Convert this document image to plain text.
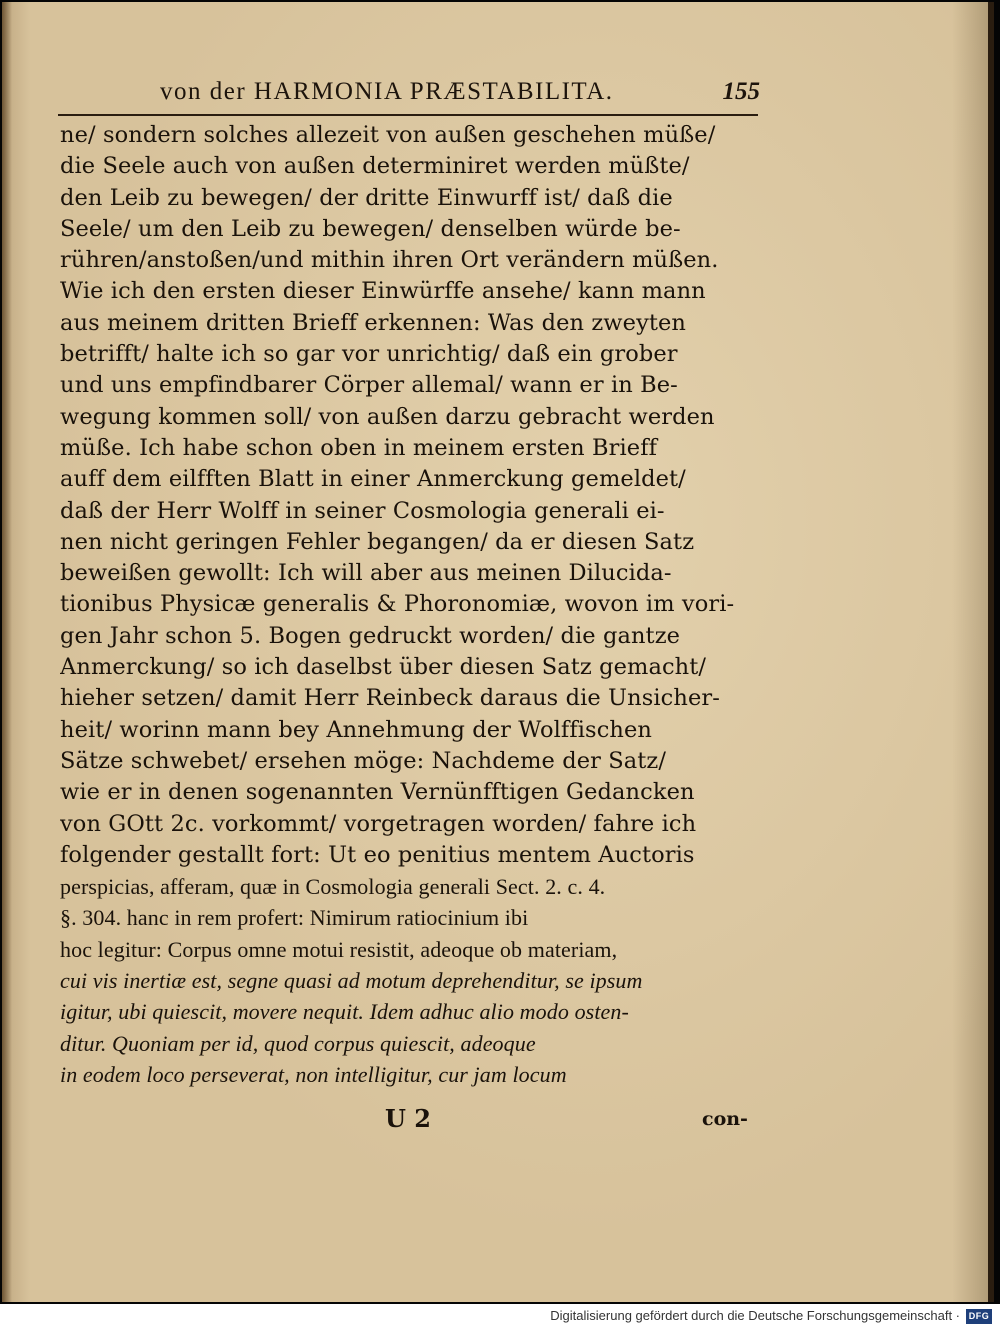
von der HARMONIA PRÆSTABILITA.	155
ne/ sondern solches allezeit von außen geschehen müße/
die Seele auch von außen determiniret werden müßte/
den Leib zu bewegen/ der dritte Einwurff ist/ daß die
Seele/ um den Leib zu bewegen/ denselben würde be-
rühren/anstoßen/und mithin ihren Ort verändern müßen.
Wie ich den ersten dieser Einwürffe ansehe/ kann mann
aus meinem dritten Brieff erkennen: Was den zweyten
betrifft/ halte ich so gar vor unrichtig/ daß ein grober
und uns empfindbarer Cörper allemal/ wann er in Be-
wegung kommen soll/ von außen darzu gebracht werden
müße. Ich habe schon oben in meinem ersten Brieff
auff dem eilfften Blatt in einer Anmerckung gemeldet/
daß der Herr Wolff in seiner Cosmologia generali ei-
nen nicht geringen Fehler begangen/ da er diesen Satz
beweißen gewollt: Ich will aber aus meinen Dilucida-
tionibus Physicæ generalis & Phoronomiæ, wovon im vori-
gen Jahr schon 5. Bogen gedruckt worden/ die gantze
Anmerckung/ so ich daselbst über diesen Satz gemacht/
hieher setzen/ damit Herr Reinbeck daraus die Unsicher-
heit/ worinn mann bey Annehmung der Wolffischen
Sätze schwebet/ ersehen möge: Nachdeme der Satz/
wie er in denen sogenannten Vernünfftigen Gedancken
von GOtt 2c. vorkommt/ vorgetragen worden/ fahre ich
folgender gestallt fort: Ut eo penitius mentem Auctoris
perspicias, afferam, quæ in Cosmologia generali Sect. 2. c. 4.
§. 304. hanc in rem profert: Nimirum ratiocinium ibi
hoc legitur: Corpus omne motui resistit, adeoque ob materiam,
cui vis inertiæ est, segne quasi ad motum deprehenditur, se ipsum
igitur, ubi quiescit, movere nequit. Idem adhuc alio modo osten-
ditur. Quoniam per id, quod corpus quiescit, adeoque
in eodem loco perseverat, non intelligitur, cur jam locum
U 2	con-
Digitalisierung gefördert durch die Deutsche Forschungsgemeinschaft · DFG
